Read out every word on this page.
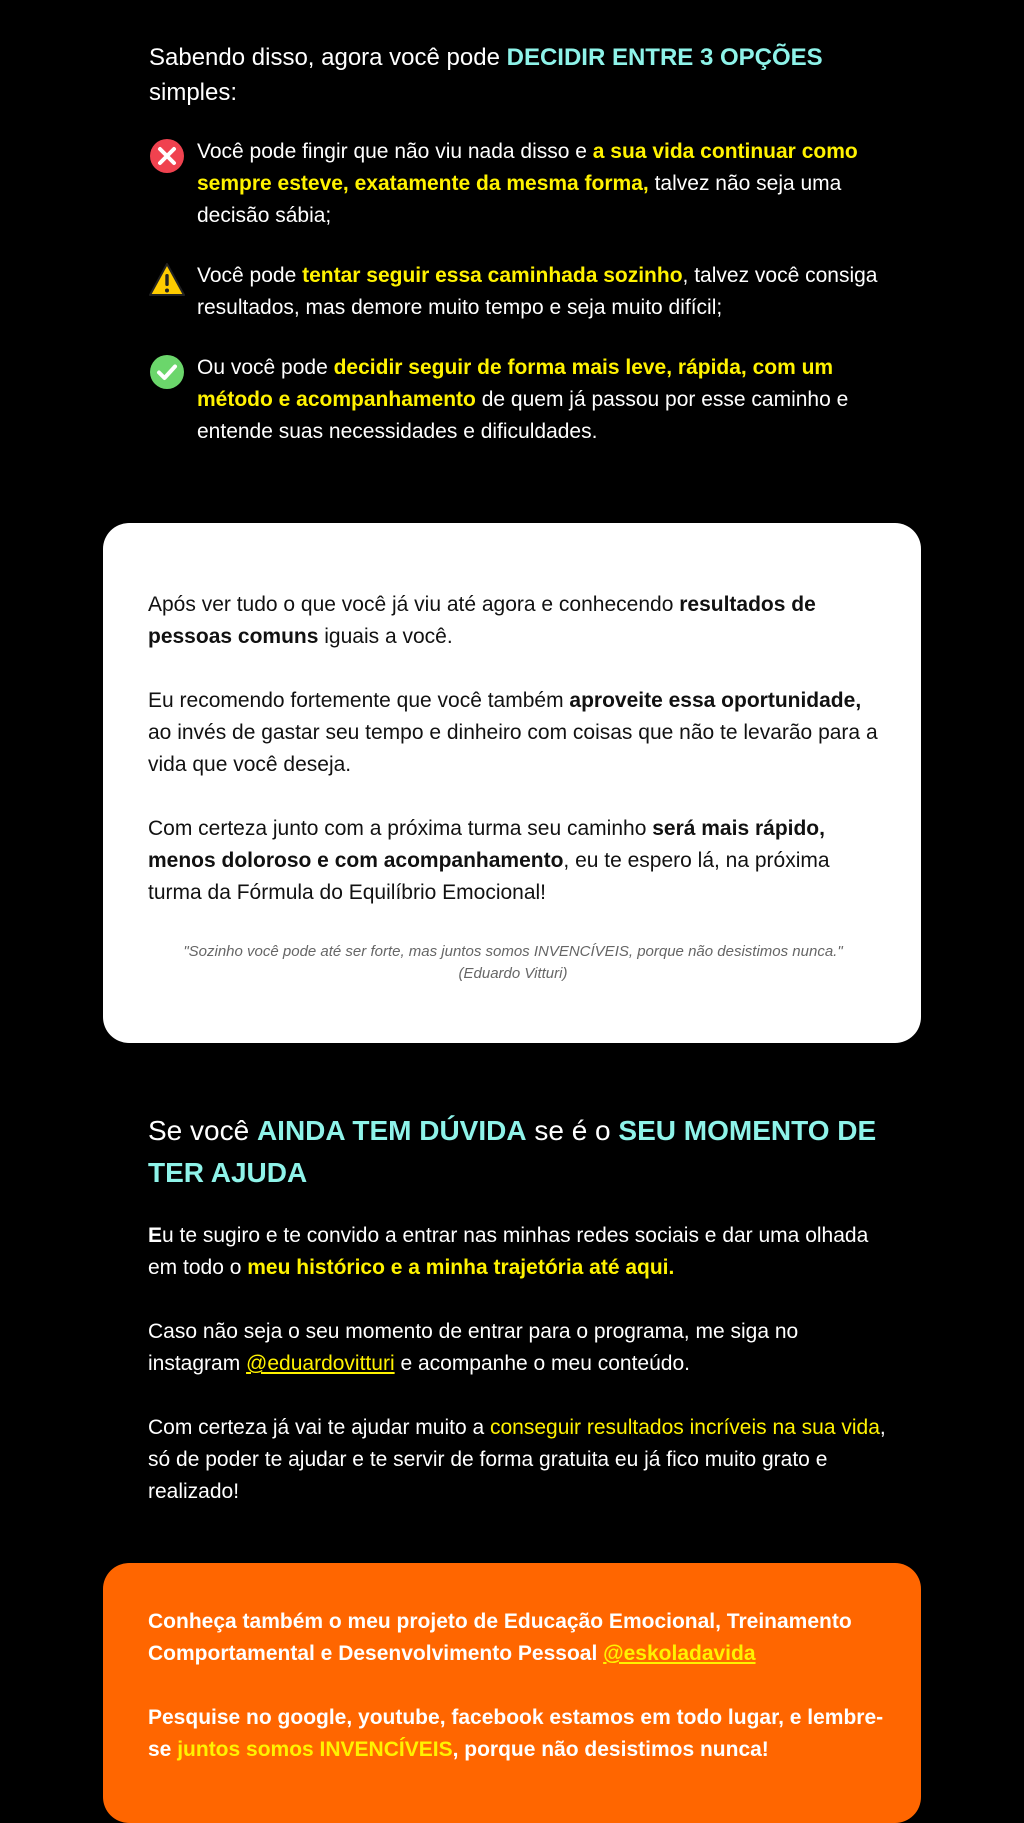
Sabendo disso, agora você pode DECIDIR ENTRE 3 OPÇÕES simples:
Você pode fingir que não viu nada disso e a sua vida continuar como sempre esteve, exatamente da mesma forma, talvez não seja uma decisão sábia;
Você pode tentar seguir essa caminhada sozinho, talvez você consiga resultados, mas demore muito tempo e seja muito difícil;
Ou você pode decidir seguir de forma mais leve, rápida, com um método e acompanhamento de quem já passou por esse caminho e entende suas necessidades e dificuldades.

Após ver tudo o que você já viu até agora e conhecendo resultados de pessoas comuns iguais a você.

Eu recomendo fortemente que você também aproveite essa oportunidade, ao invés de gastar seu tempo e dinheiro com coisas que não te levarão para a vida que você deseja.

Com certeza junto com a próxima turma seu caminho será mais rápido, menos doloroso e com acompanhamento, eu te espero lá, na próxima turma da Fórmula do Equilíbrio Emocional!

"Sozinho você pode até ser forte, mas juntos somos INVENCÍVEIS, porque não desistimos nunca."
(Eduardo Vitturi)
Se você AINDA TEM DÚVIDA se é o SEU MOMENTO DE TER AJUDA

Eu te sugiro e te convido a entrar nas minhas redes sociais e dar uma olhada em todo o meu histórico e a minha trajetória até aqui.

Caso não seja o seu momento de entrar para o programa, me siga no instagram @eduardovitturi e acompanhe o meu conteúdo.

Com certeza já vai te ajudar muito a conseguir resultados incríveis na sua vida, só de poder te ajudar e te servir de forma gratuita eu já fico muito grato e realizado!

Conheça também o meu projeto de Educação Emocional, Treinamento Comportamental e Desenvolvimento Pessoal @eskoladavida

Pesquise no google, youtube, facebook estamos em todo lugar, e lembre-se juntos somos INVENCÍVEIS, porque não desistimos nunca!
